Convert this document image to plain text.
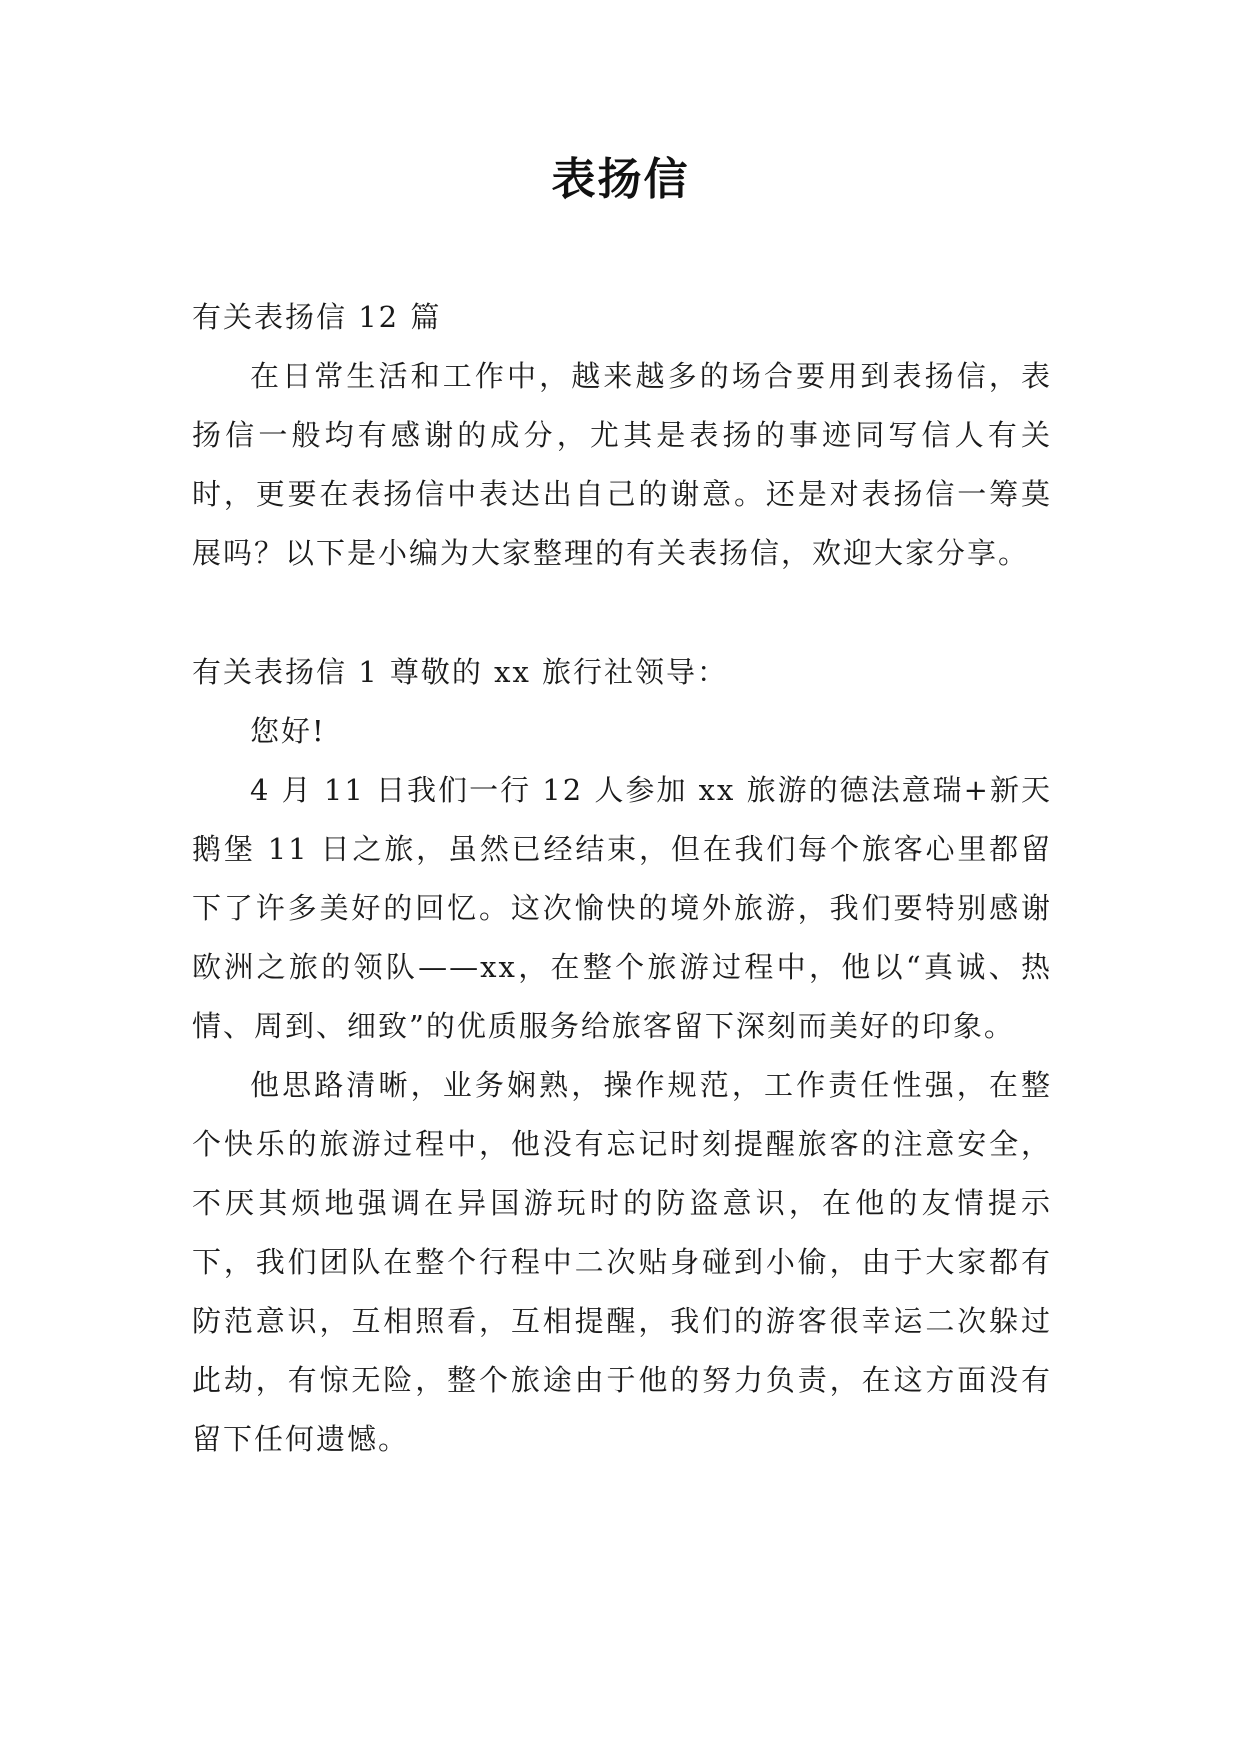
表扬信

有关表扬信 12 篇

在日常生活和工作中，越来越多的场合要用到表扬信，表扬信一般均有感谢的成分，尤其是表扬的事迹同写信人有关时，更要在表扬信中表达出自己的谢意。还是对表扬信一筹莫展吗？以下是小编为大家整理的有关表扬信，欢迎大家分享。

有关表扬信 1 尊敬的 xx 旅行社领导：

您好!

4 月 11 日我们一行 12 人参加 xx 旅游的德法意瑞+新天鹅堡 11 日之旅，虽然已经结束，但在我们每个旅客心里都留下了许多美好的回忆。这次愉快的境外旅游，我们要特别感谢欧洲之旅的领队——xx，在整个旅游过程中，他以“真诚、热情、周到、细致”的优质服务给旅客留下深刻而美好的印象。

他思路清晰，业务娴熟，操作规范，工作责任性强，在整个快乐的旅游过程中，他没有忘记时刻提醒旅客的注意安全，不厌其烦地强调在异国游玩时的防盗意识，在他的友情提示下，我们团队在整个行程中二次贴身碰到小偷，由于大家都有防范意识，互相照看，互相提醒，我们的游客很幸运二次躲过此劫，有惊无险，整个旅途由于他的努力负责，在这方面没有留下任何遗憾。
